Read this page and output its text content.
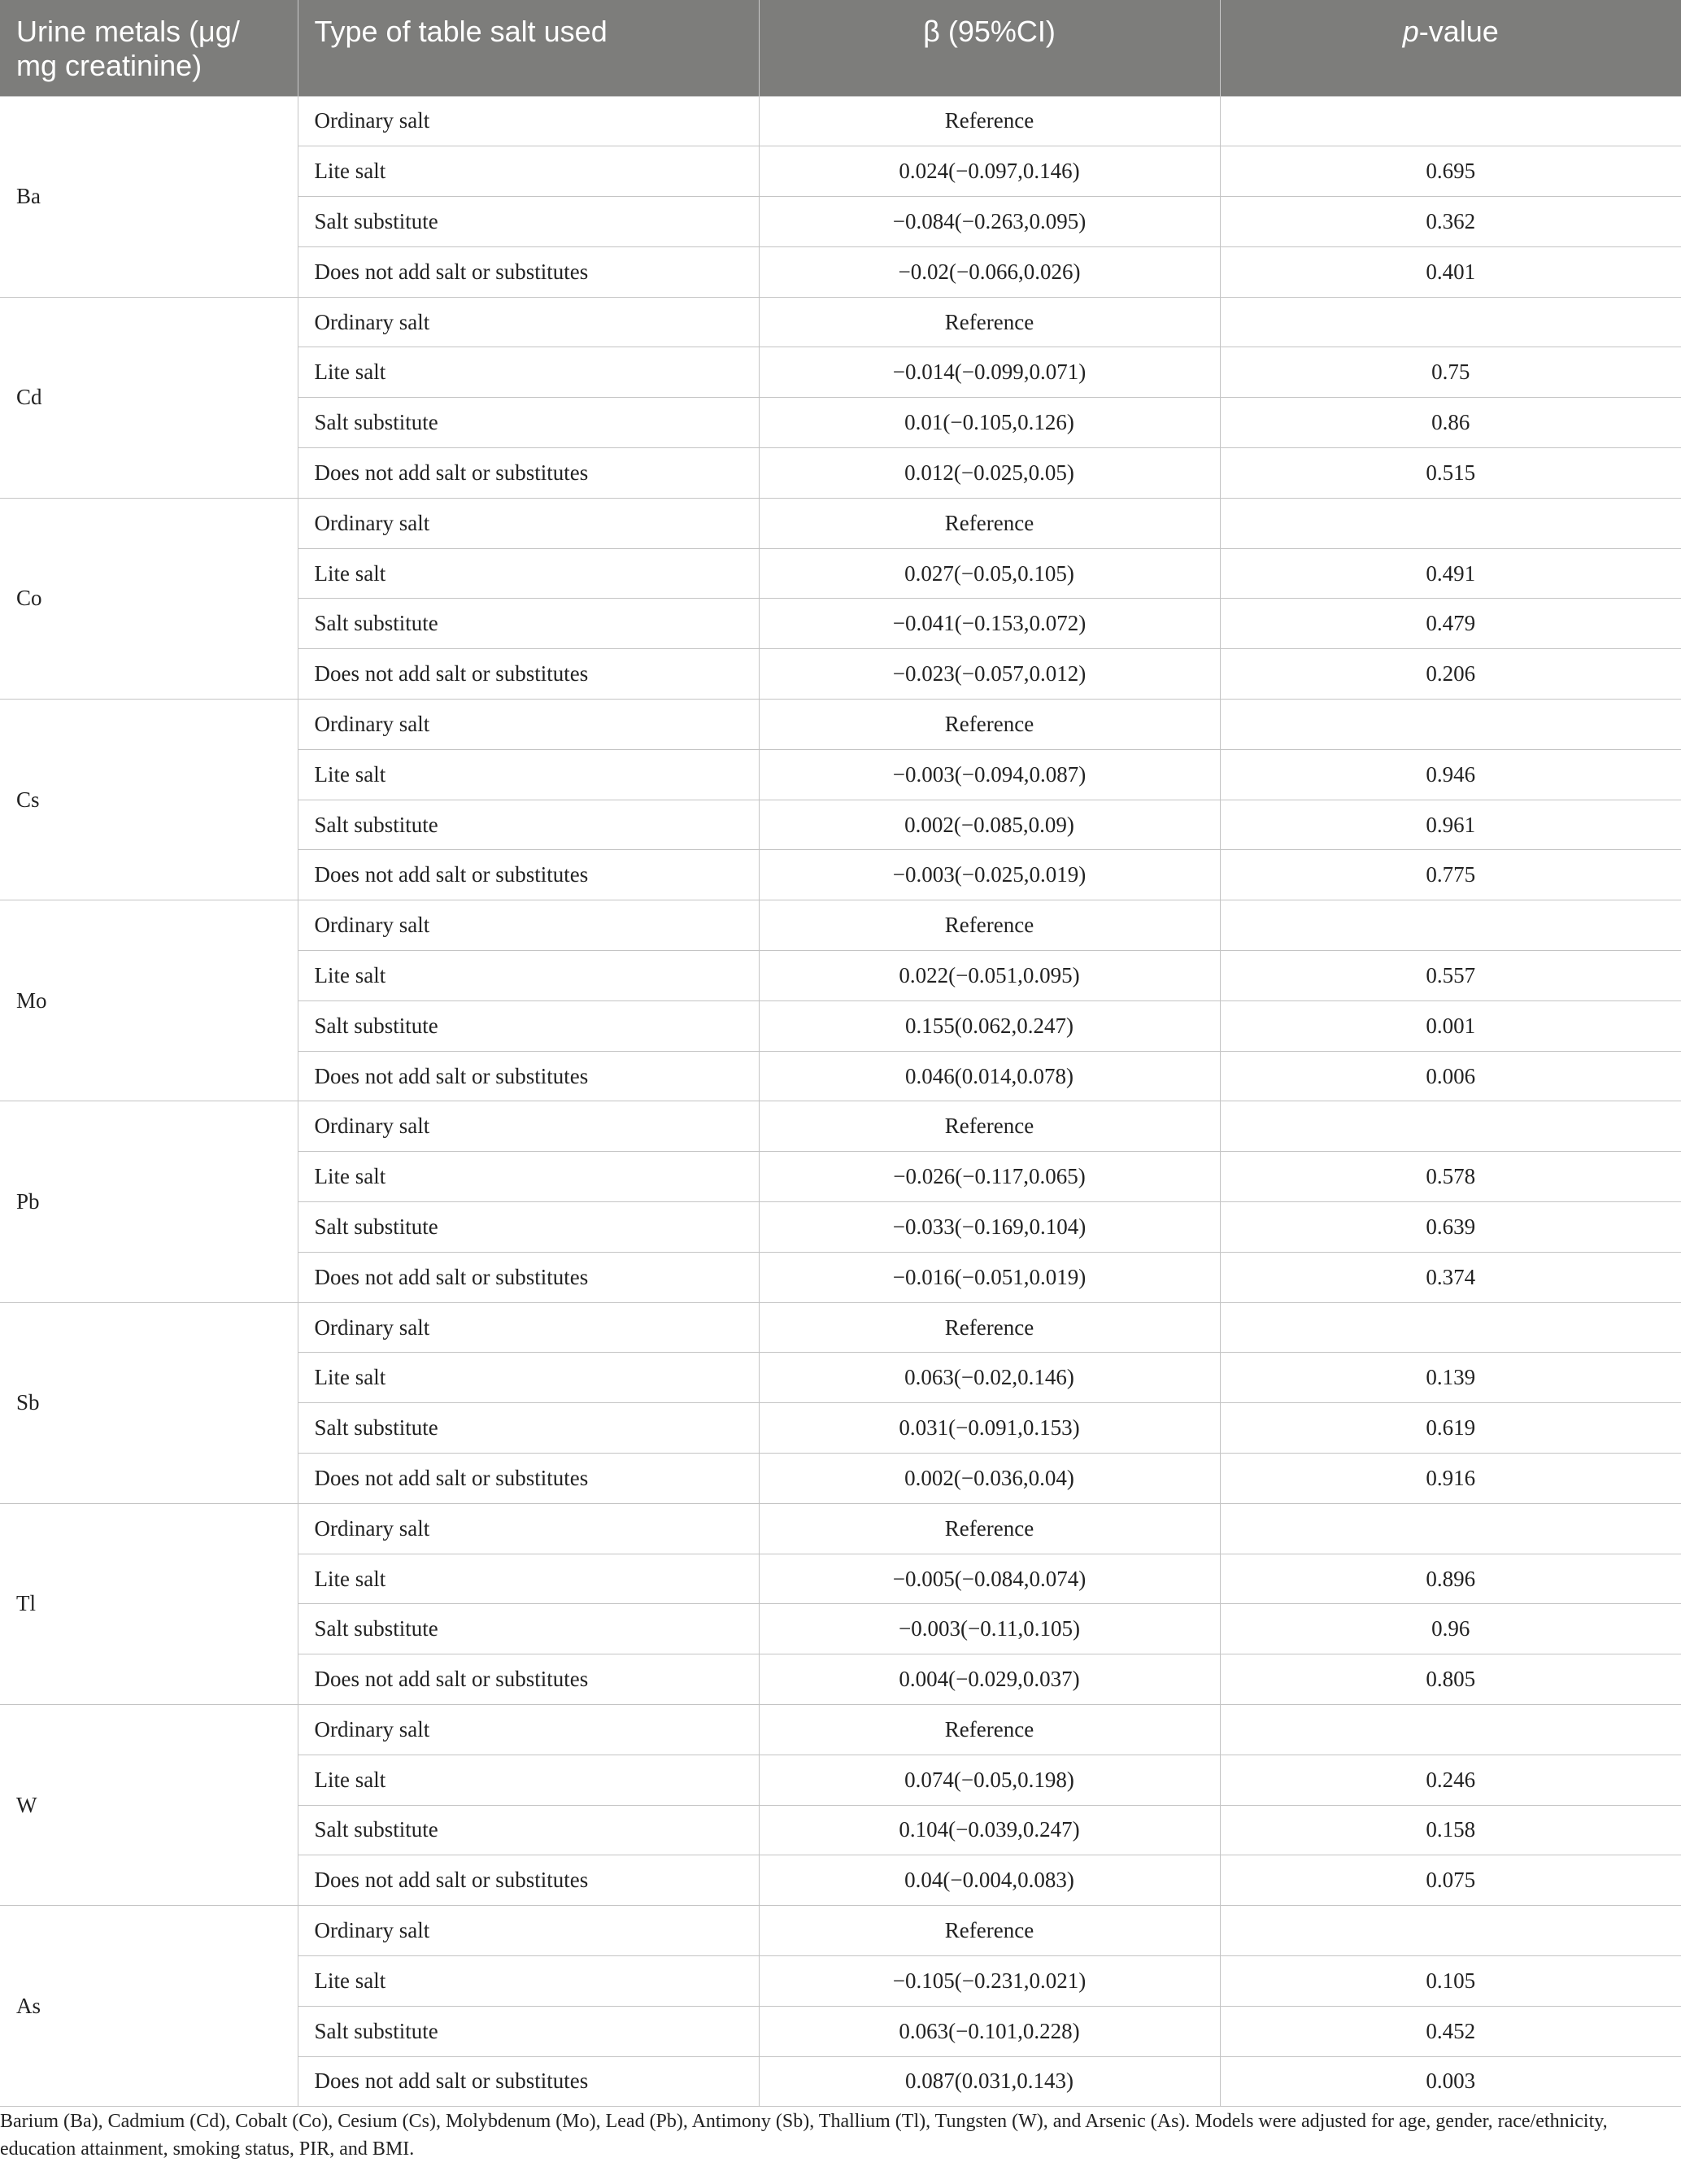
Urine metals (μg/ mg creatinine)	Type of table salt used	β (95%CI)	p-value
Ba	Ordinary salt	Reference	
	Lite salt	0.024(−0.097,0.146)	0.695
	Salt substitute	−0.084(−0.263,0.095)	0.362
	Does not add salt or substitutes	−0.02(−0.066,0.026)	0.401
Cd	Ordinary salt	Reference	
	Lite salt	−0.014(−0.099,0.071)	0.75
	Salt substitute	0.01(−0.105,0.126)	0.86
	Does not add salt or substitutes	0.012(−0.025,0.05)	0.515
Co	Ordinary salt	Reference	
	Lite salt	0.027(−0.05,0.105)	0.491
	Salt substitute	−0.041(−0.153,0.072)	0.479
	Does not add salt or substitutes	−0.023(−0.057,0.012)	0.206
Cs	Ordinary salt	Reference	
	Lite salt	−0.003(−0.094,0.087)	0.946
	Salt substitute	0.002(−0.085,0.09)	0.961
	Does not add salt or substitutes	−0.003(−0.025,0.019)	0.775
Mo	Ordinary salt	Reference	
	Lite salt	0.022(−0.051,0.095)	0.557
	Salt substitute	0.155(0.062,0.247)	0.001
	Does not add salt or substitutes	0.046(0.014,0.078)	0.006
Pb	Ordinary salt	Reference	
	Lite salt	−0.026(−0.117,0.065)	0.578
	Salt substitute	−0.033(−0.169,0.104)	0.639
	Does not add salt or substitutes	−0.016(−0.051,0.019)	0.374
Sb	Ordinary salt	Reference	
	Lite salt	0.063(−0.02,0.146)	0.139
	Salt substitute	0.031(−0.091,0.153)	0.619
	Does not add salt or substitutes	0.002(−0.036,0.04)	0.916
Tl	Ordinary salt	Reference	
	Lite salt	−0.005(−0.084,0.074)	0.896
	Salt substitute	−0.003(−0.11,0.105)	0.96
	Does not add salt or substitutes	0.004(−0.029,0.037)	0.805
W	Ordinary salt	Reference	
	Lite salt	0.074(−0.05,0.198)	0.246
	Salt substitute	0.104(−0.039,0.247)	0.158
	Does not add salt or substitutes	0.04(−0.004,0.083)	0.075
As	Ordinary salt	Reference	
	Lite salt	−0.105(−0.231,0.021)	0.105
	Salt substitute	0.063(−0.101,0.228)	0.452
	Does not add salt or substitutes	0.087(0.031,0.143)	0.003
Barium (Ba), Cadmium (Cd), Cobalt (Co), Cesium (Cs), Molybdenum (Mo), Lead (Pb), Antimony (Sb), Thallium (Tl), Tungsten (W), and Arsenic (As). Models were adjusted for age, gender, race/ethnicity, education attainment, smoking status, PIR, and BMI.
